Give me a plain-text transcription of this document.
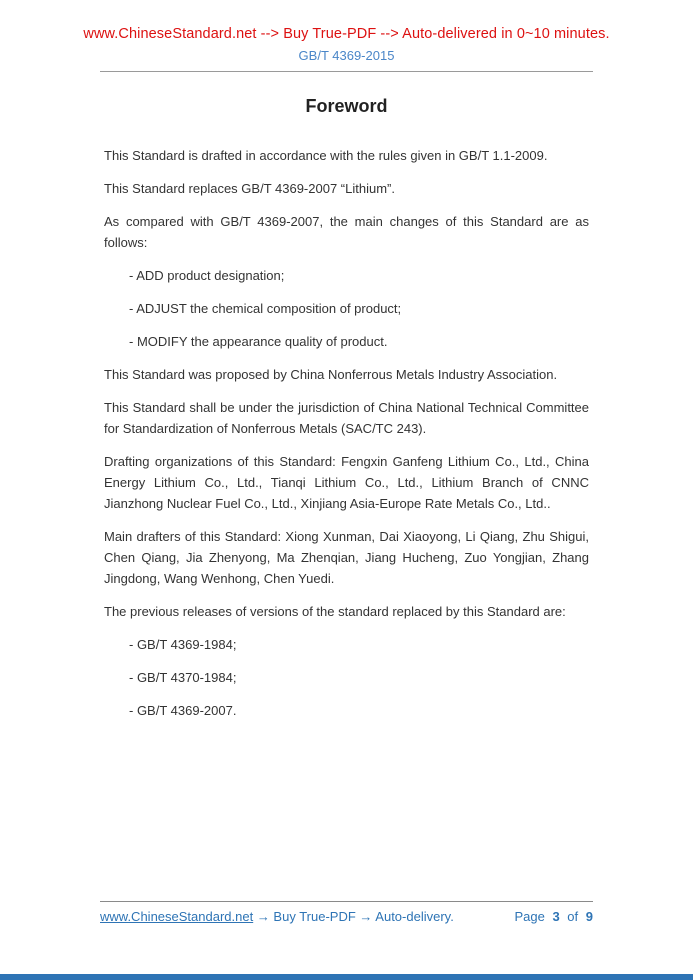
www.ChineseStandard.net --> Buy True-PDF --> Auto-delivered in 0~10 minutes.
GB/T 4369-2015
Foreword

This Standard is drafted in accordance with the rules given in GB/T 1.1-2009.

This Standard replaces GB/T 4369-2007 “Lithium”.

As compared with GB/T 4369-2007, the main changes of this Standard are as follows:

- ADD product designation;

- ADJUST the chemical composition of product;

- MODIFY the appearance quality of product.

This Standard was proposed by China Nonferrous Metals Industry Association.

This Standard shall be under the jurisdiction of China National Technical Committee for Standardization of Nonferrous Metals (SAC/TC 243).

Drafting organizations of this Standard: Fengxin Ganfeng Lithium Co., Ltd., China Energy Lithium Co., Ltd., Tianqi Lithium Co., Ltd., Lithium Branch of CNNC Jianzhong Nuclear Fuel Co., Ltd., Xinjiang Asia-Europe Rate Metals Co., Ltd..

Main drafters of this Standard: Xiong Xunman, Dai Xiaoyong, Li Qiang, Zhu Shigui, Chen Qiang, Jia Zhenyong, Ma Zhenqian, Jiang Hucheng, Zuo Yongjian, Zhang Jingdong, Wang Wenhong, Chen Yuedi.

The previous releases of versions of the standard replaced by this Standard are:

- GB/T 4369-1984;

- GB/T 4370-1984;

- GB/T 4369-2007.

www.ChineseStandard.net → Buy True-PDF → Auto-delivery.	Page 3 of 9
